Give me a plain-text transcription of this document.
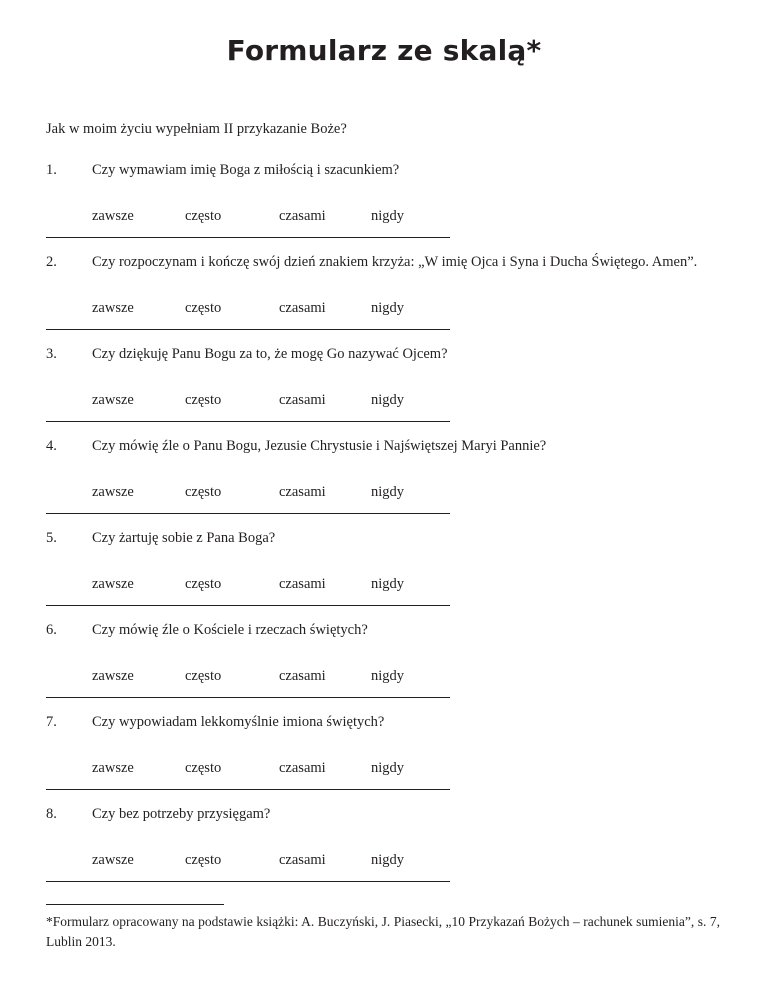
Formularz ze skalą*
Jak w moim życiu wypełniam II przykazanie Boże?
1. Czy wymawiam imię Boga z miłością i szacunkiem?
zawsze	często	czasami	nigdy
2. Czy rozpoczynam i kończę swój dzień znakiem krzyża: „W imię Ojca i Syna i Ducha Świętego. Amen”.
zawsze	często	czasami	nigdy
3. Czy dziękuję Panu Bogu za to, że mogę Go nazywać Ojcem?
zawsze	często	czasami	nigdy
4. Czy mówię źle o Panu Bogu, Jezusie Chrystusie i Najświętszej Maryi Pannie?
zawsze	często	czasami	nigdy
5. Czy żartuję sobie z Pana Boga?
zawsze	często	czasami	nigdy
6. Czy mówię źle o Kościele i rzeczach świętych?
zawsze	często	czasami	nigdy
7. Czy wypowiadam lekkomyślnie imiona świętych?
zawsze	często	czasami	nigdy
8. Czy bez potrzeby przysięgam?
zawsze	często	czasami	nigdy
*Formularz opracowany na podstawie książki: A. Buczyński, J. Piasecki, „10 Przykazań Bożych – rachunek sumienia”, s. 7, Lublin 2013.
